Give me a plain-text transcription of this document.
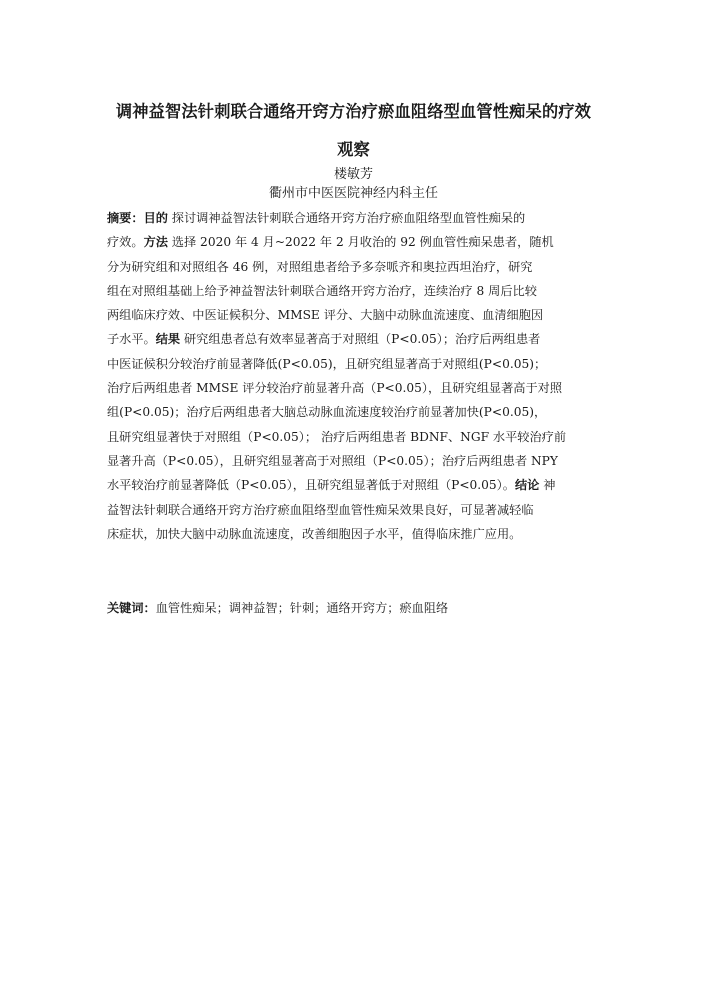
调神益智法针刺联合通络开窍方治疗瘀血阻络型血管性痴呆的疗效
观察
楼敏芳
衢州市中医医院神经内科主任
摘要：目的 探讨调神益智法针刺联合通络开窍方治疗瘀血阻络型血管性痴呆的
疗效。方法 选择 2020 年 4 月~2022 年 2 月收治的 92 例血管性痴呆患者，随机
分为研究组和对照组各 46 例，对照组患者给予多奈哌齐和奥拉西坦治疗，研究
组在对照组基础上给予神益智法针刺联合通络开窍方治疗，连续治疗 8 周后比较
两组临床疗效、中医证候积分、MMSE 评分、大脑中动脉血流速度、血清细胞因
子水平。结果 研究组患者总有效率显著高于对照组（P<0.05）；治疗后两组患者
中医证候积分较治疗前显著降低(P<0.05)，且研究组显著高于对照组(P<0.05)；
治疗后两组患者 MMSE 评分较治疗前显著升高（P<0.05），且研究组显著高于对照
组(P<0.05)；治疗后两组患者大脑总动脉血流速度较治疗前显著加快(P<0.05)，
且研究组显著快于对照组（P<0.05）； 治疗后两组患者 BDNF、NGF 水平较治疗前
显著升高（P<0.05），且研究组显著高于对照组（P<0.05）；治疗后两组患者 NPY
水平较治疗前显著降低（P<0.05），且研究组显著低于对照组（P<0.05）。结论 神
益智法针刺联合通络开窍方治疗瘀血阻络型血管性痴呆效果良好，可显著减轻临
床症状，加快大脑中动脉血流速度，改善细胞因子水平，值得临床推广应用。
关键词：血管性痴呆；调神益智；针刺；通络开窍方；瘀血阻络
